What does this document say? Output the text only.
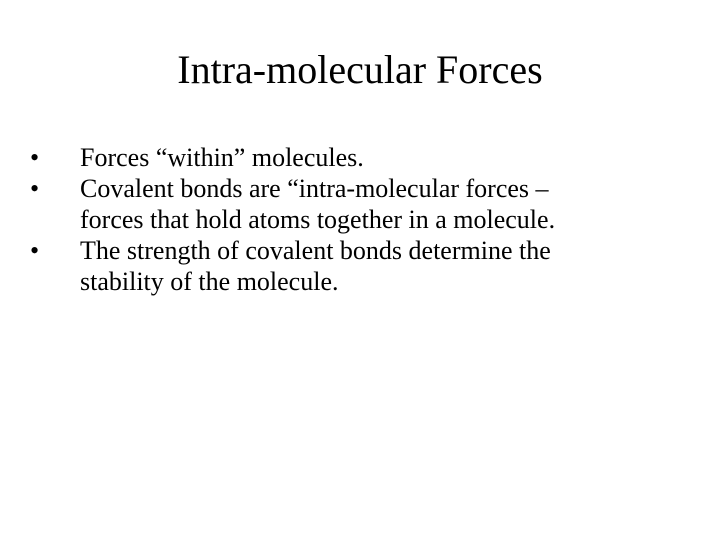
Intra-molecular Forces
•	Forces “within” molecules.
•	Covalent bonds are “intra-molecular forces –
forces that hold atoms together in a molecule.
•	The strength of covalent bonds determine the
stability of the molecule.
